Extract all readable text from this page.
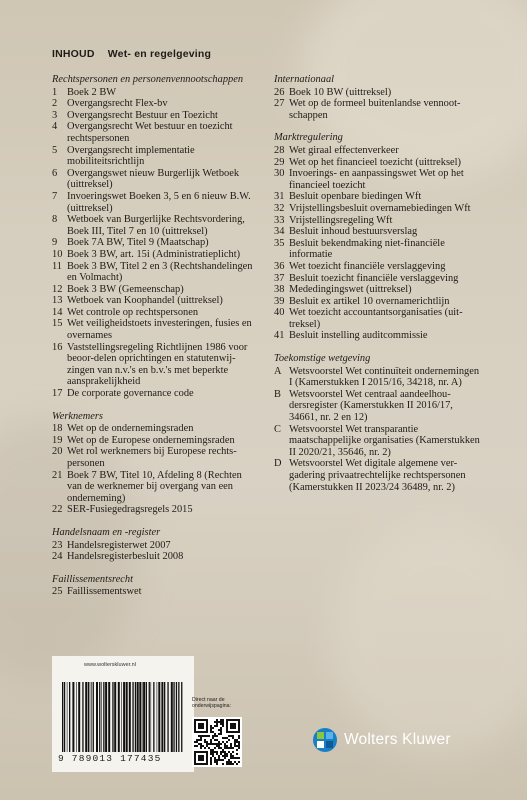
INHOUD Wet- en regelgeving
Rechtspersonen en personenvennootschappen
1 Boek 2 BW
2 Overgangsrecht Flex-bv
3 Overgangsrecht Bestuur en Toezicht
4 Overgangsrecht Wet bestuur en toezicht rechtspersonen
5 Overgangsrecht implementatie mobiliteitsrichtlijn
6 Overgangswet nieuw Burgerlijk Wetboek (uittreksel)
7 Invoeringswet Boeken 3, 5 en 6 nieuw B.W. (uittreksel)
8 Wetboek van Burgerlijke Rechtsvordering, Boek III, Titel 7 en 10 (uittreksel)
9 Boek 7A BW, Titel 9 (Maatschap)
10 Boek 3 BW, art. 15i (Administratieplicht)
11 Boek 3 BW, Titel 2 en 3 (Rechtshandelingen en Volmacht)
12 Boek 3 BW (Gemeenschap)
13 Wetboek van Koophandel (uittreksel)
14 Wet controle op rechtspersonen
15 Wet veiligheidstoets investeringen, fusies en overnames
16 Vaststellingsregeling Richtlijnen 1986 voor beoor-delen oprichtingen en statutenwij-zingen van n.v.'s en b.v.'s met beperkte aansprakelijkheid
17 De corporate governance code
Werknemers
18 Wet op de ondernemingsraden
19 Wet op de Europese ondernemingsraden
20 Wet rol werknemers bij Europese rechts-personen
21 Boek 7 BW, Titel 10, Afdeling 8 (Rechten van de werknemer bij overgang van een onderneming)
22 SER-Fusiegedragsregels 2015
Handelsnaam en -register
23 Handelsregisterwet 2007
24 Handelsregisterbesluit 2008
Faillissementsrecht
25 Faillissementswet
Internationaal
26 Boek 10 BW (uittreksel)
27 Wet op de formeel buitenlandse vennoot-schappen
Marktregulering
28 Wet giraal effectenverkeer
29 Wet op het financieel toezicht (uittreksel)
30 Invoerings- en aanpassingswet Wet op het financieel toezicht
31 Besluit openbare biedingen Wft
32 Vrijstellingsbesluit overnamebiedingen Wft
33 Vrijstellingsregeling Wft
34 Besluit inhoud bestuursverslag
35 Besluit bekendmaking niet-financiële informatie
36 Wet toezicht financiële verslaggeving
37 Besluit toezicht financiële verslaggeving
38 Mededingingswet (uittreksel)
39 Besluit ex artikel 10 overnamerichtlijn
40 Wet toezicht accountantsorganisaties (uit-treksel)
41 Besluit instelling auditcommissie
Toekomstige wetgeving
A Wetsvoorstel Wet continuïteit ondernemingen I (Kamerstukken I 2015/16, 34218, nr. A)
B Wetsvoorstel Wet centraal aandeelhou-dersregister (Kamerstukken II 2016/17, 34661, nr. 2 en 12)
C Wetsvoorstel Wet transparantie maatschappelijke organisaties (Kamerstukken II 2020/21, 35646, nr. 2)
D Wetsvoorstel Wet digitale algemene ver-gadering privaatrechtelijke rechtspersonen (Kamerstukken II 2023/24 36489, nr. 2)
www.wolterskluwer.nl
9 789013 177435
Direct naar de onderwijspagina:
Wolters Kluwer
